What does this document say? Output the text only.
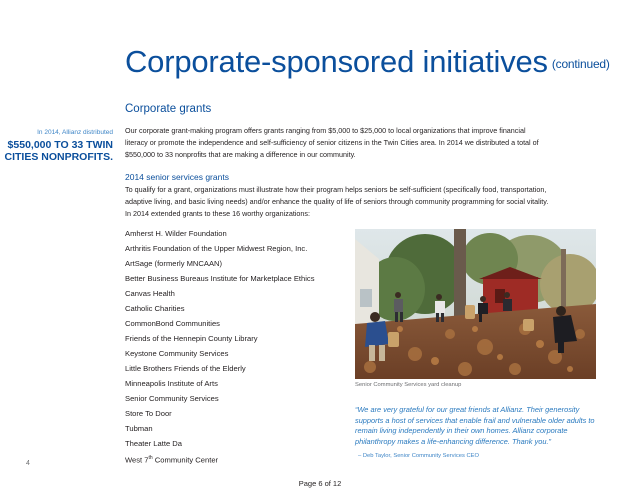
Corporate-sponsored initiatives (continued)
Corporate grants
In 2014, Allianz distributed
$550,000 TO 33 TWIN CITIES NONPROFITS.

Our corporate grant-making program offers grants ranging from $5,000 to $25,000 to local organizations that improve financial literacy or promote the independence and self-sufficiency of senior citizens in the Twin Cities area. In 2014 we distributed a total of $550,000 to 33 nonprofits that are making a difference in our community.

2014 senior services grants

To qualify for a grant, organizations must illustrate how their program helps seniors be self-sufficient (specifically food, transportation, adaptive living, and basic living needs) and/or enhance the quality of life of seniors through community programming for social vitality. In 2014 extended grants to these 16 worthy organizations:

Amherst H. Wilder Foundation
Arthritis Foundation of the Upper Midwest Region, Inc.
ArtSage (formerly MNCAAN)
Better Business Bureaus Institute for Marketplace Ethics
Canvas Health
Catholic Charities
CommonBond Communities
Friends of the Hennepin County Library
Keystone Community Services
Little Brothers Friends of the Elderly
Minneapolis Institute of Arts
Senior Community Services
Store To Door
Tubman
Theater Latte Da
West 7th Community Center

Senior Community Services yard cleanup

“We are very grateful for our great friends at Allianz. Their generosity supports a host of services that enable frail and vulnerable older adults to remain living independently in their own homes. Allianz corporate philanthropy makes a life-enhancing difference. Thank you.”

– Deb Taylor, Senior Community Services CEO

4
Page 6 of 12
